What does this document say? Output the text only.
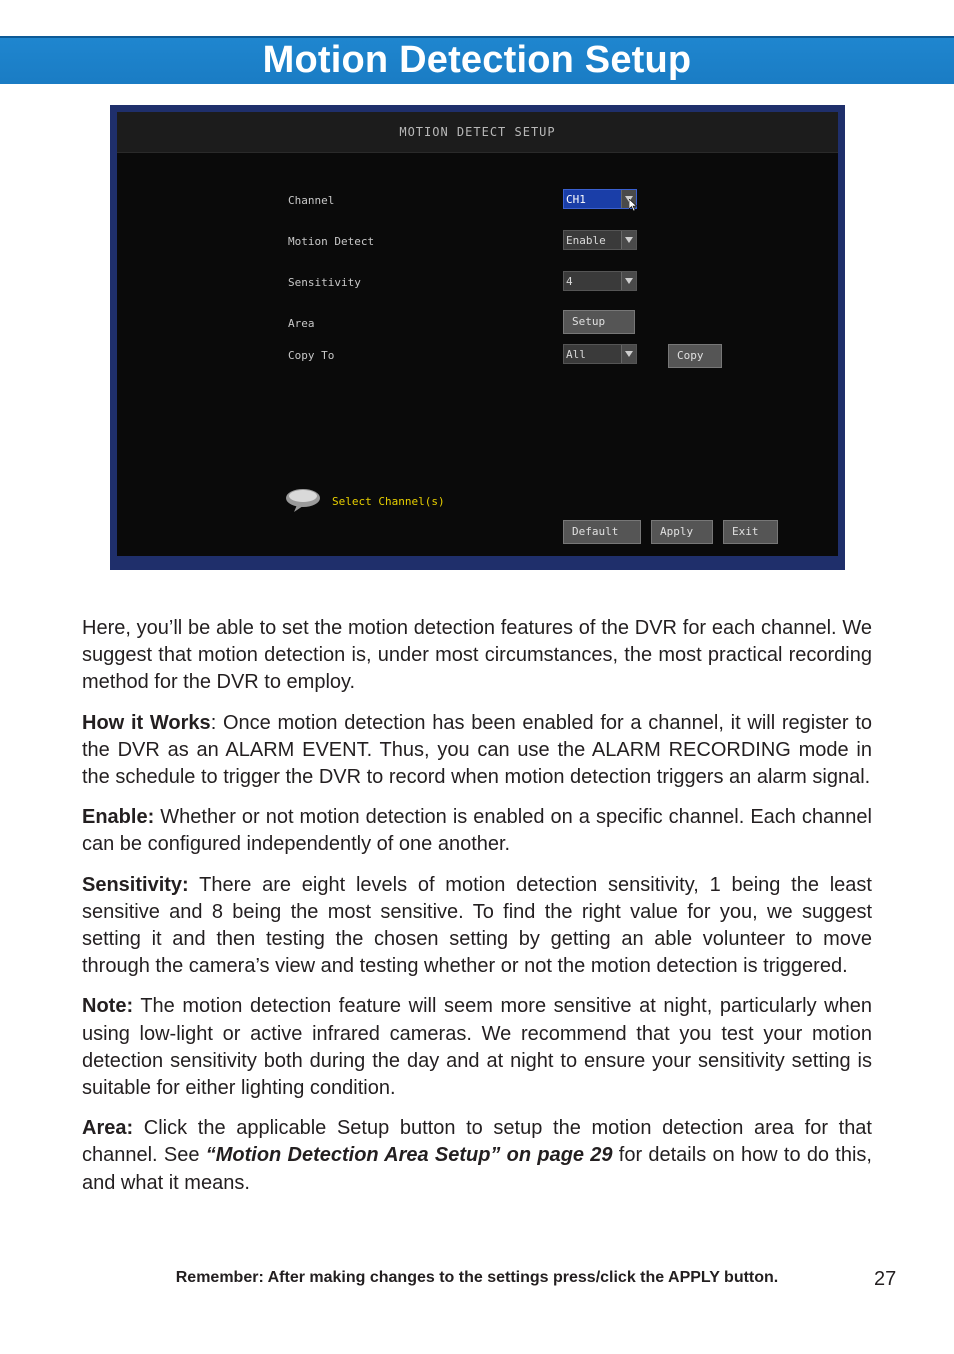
Motion Detection Setup
MOTION DETECT SETUP
Channel	CH1
Motion Detect	Enable
Sensitivity	4
Area	Setup
Copy To	All	Copy
Select Channel(s)
Default	Apply	Exit

Here, you’ll be able to set the motion detection features of the DVR for each channel. We suggest that motion detection is, under most circumstances, the most practical recording method for the DVR to employ.

How it Works: Once motion detection has been enabled for a channel, it will register to the DVR as an ALARM EVENT. Thus, you can use the ALARM RECORDING mode in the schedule to trigger the DVR to record when motion detection triggers an alarm signal.

Enable: Whether or not motion detection is enabled on a specific channel. Each channel can be configured independently of one another.

Sensitivity: There are eight levels of motion detection sensitivity, 1 being the least sensitive and 8 being the most sensitive. To find the right value for you, we suggest setting it and then testing the chosen setting by getting an able volunteer to move through the camera’s view and testing whether or not the motion detection is triggered.

Note: The motion detection feature will seem more sensitive at night, particularly when using low-light or active infrared cameras. We recommend that you test your motion detection sensitivity both during the day and at night to ensure your sensitivity setting is suitable for either lighting condition.

Area: Click the applicable Setup button to setup the motion detection area for that channel. See “Motion Detection Area Setup” on page 29 for details on how to do this, and what it means.

Remember: After making changes to the settings press/click the APPLY button.	27
